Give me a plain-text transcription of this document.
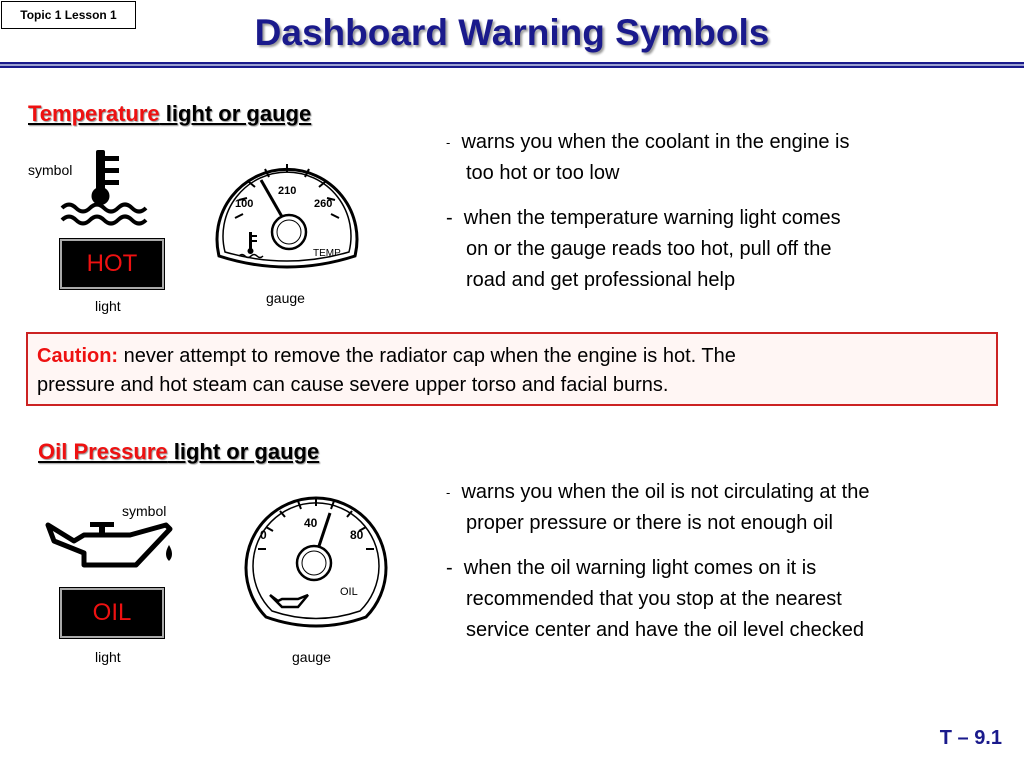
Topic 1 Lesson 1	Dashboard Warning Symbols
Temperature light or gauge
symbol
HOT
light
100
210
260
TEMP
gauge
- warns you when the coolant in the engine is
too hot or too low
- when the temperature warning light comes
on or the gauge reads too hot, pull off the
road and get professional help
Caution: never attempt to remove the radiator cap when the engine is hot. The
pressure and hot steam can cause severe upper torso and facial burns.
Oil Pressure light or gauge
symbol
OIL
light
0
40
80
OIL
gauge
- warns you when the oil is not circulating at the
proper pressure or there is not enough oil
- when the oil warning light comes on it is
recommended that you stop at the nearest
service center and have the oil level checked
T – 9.1
